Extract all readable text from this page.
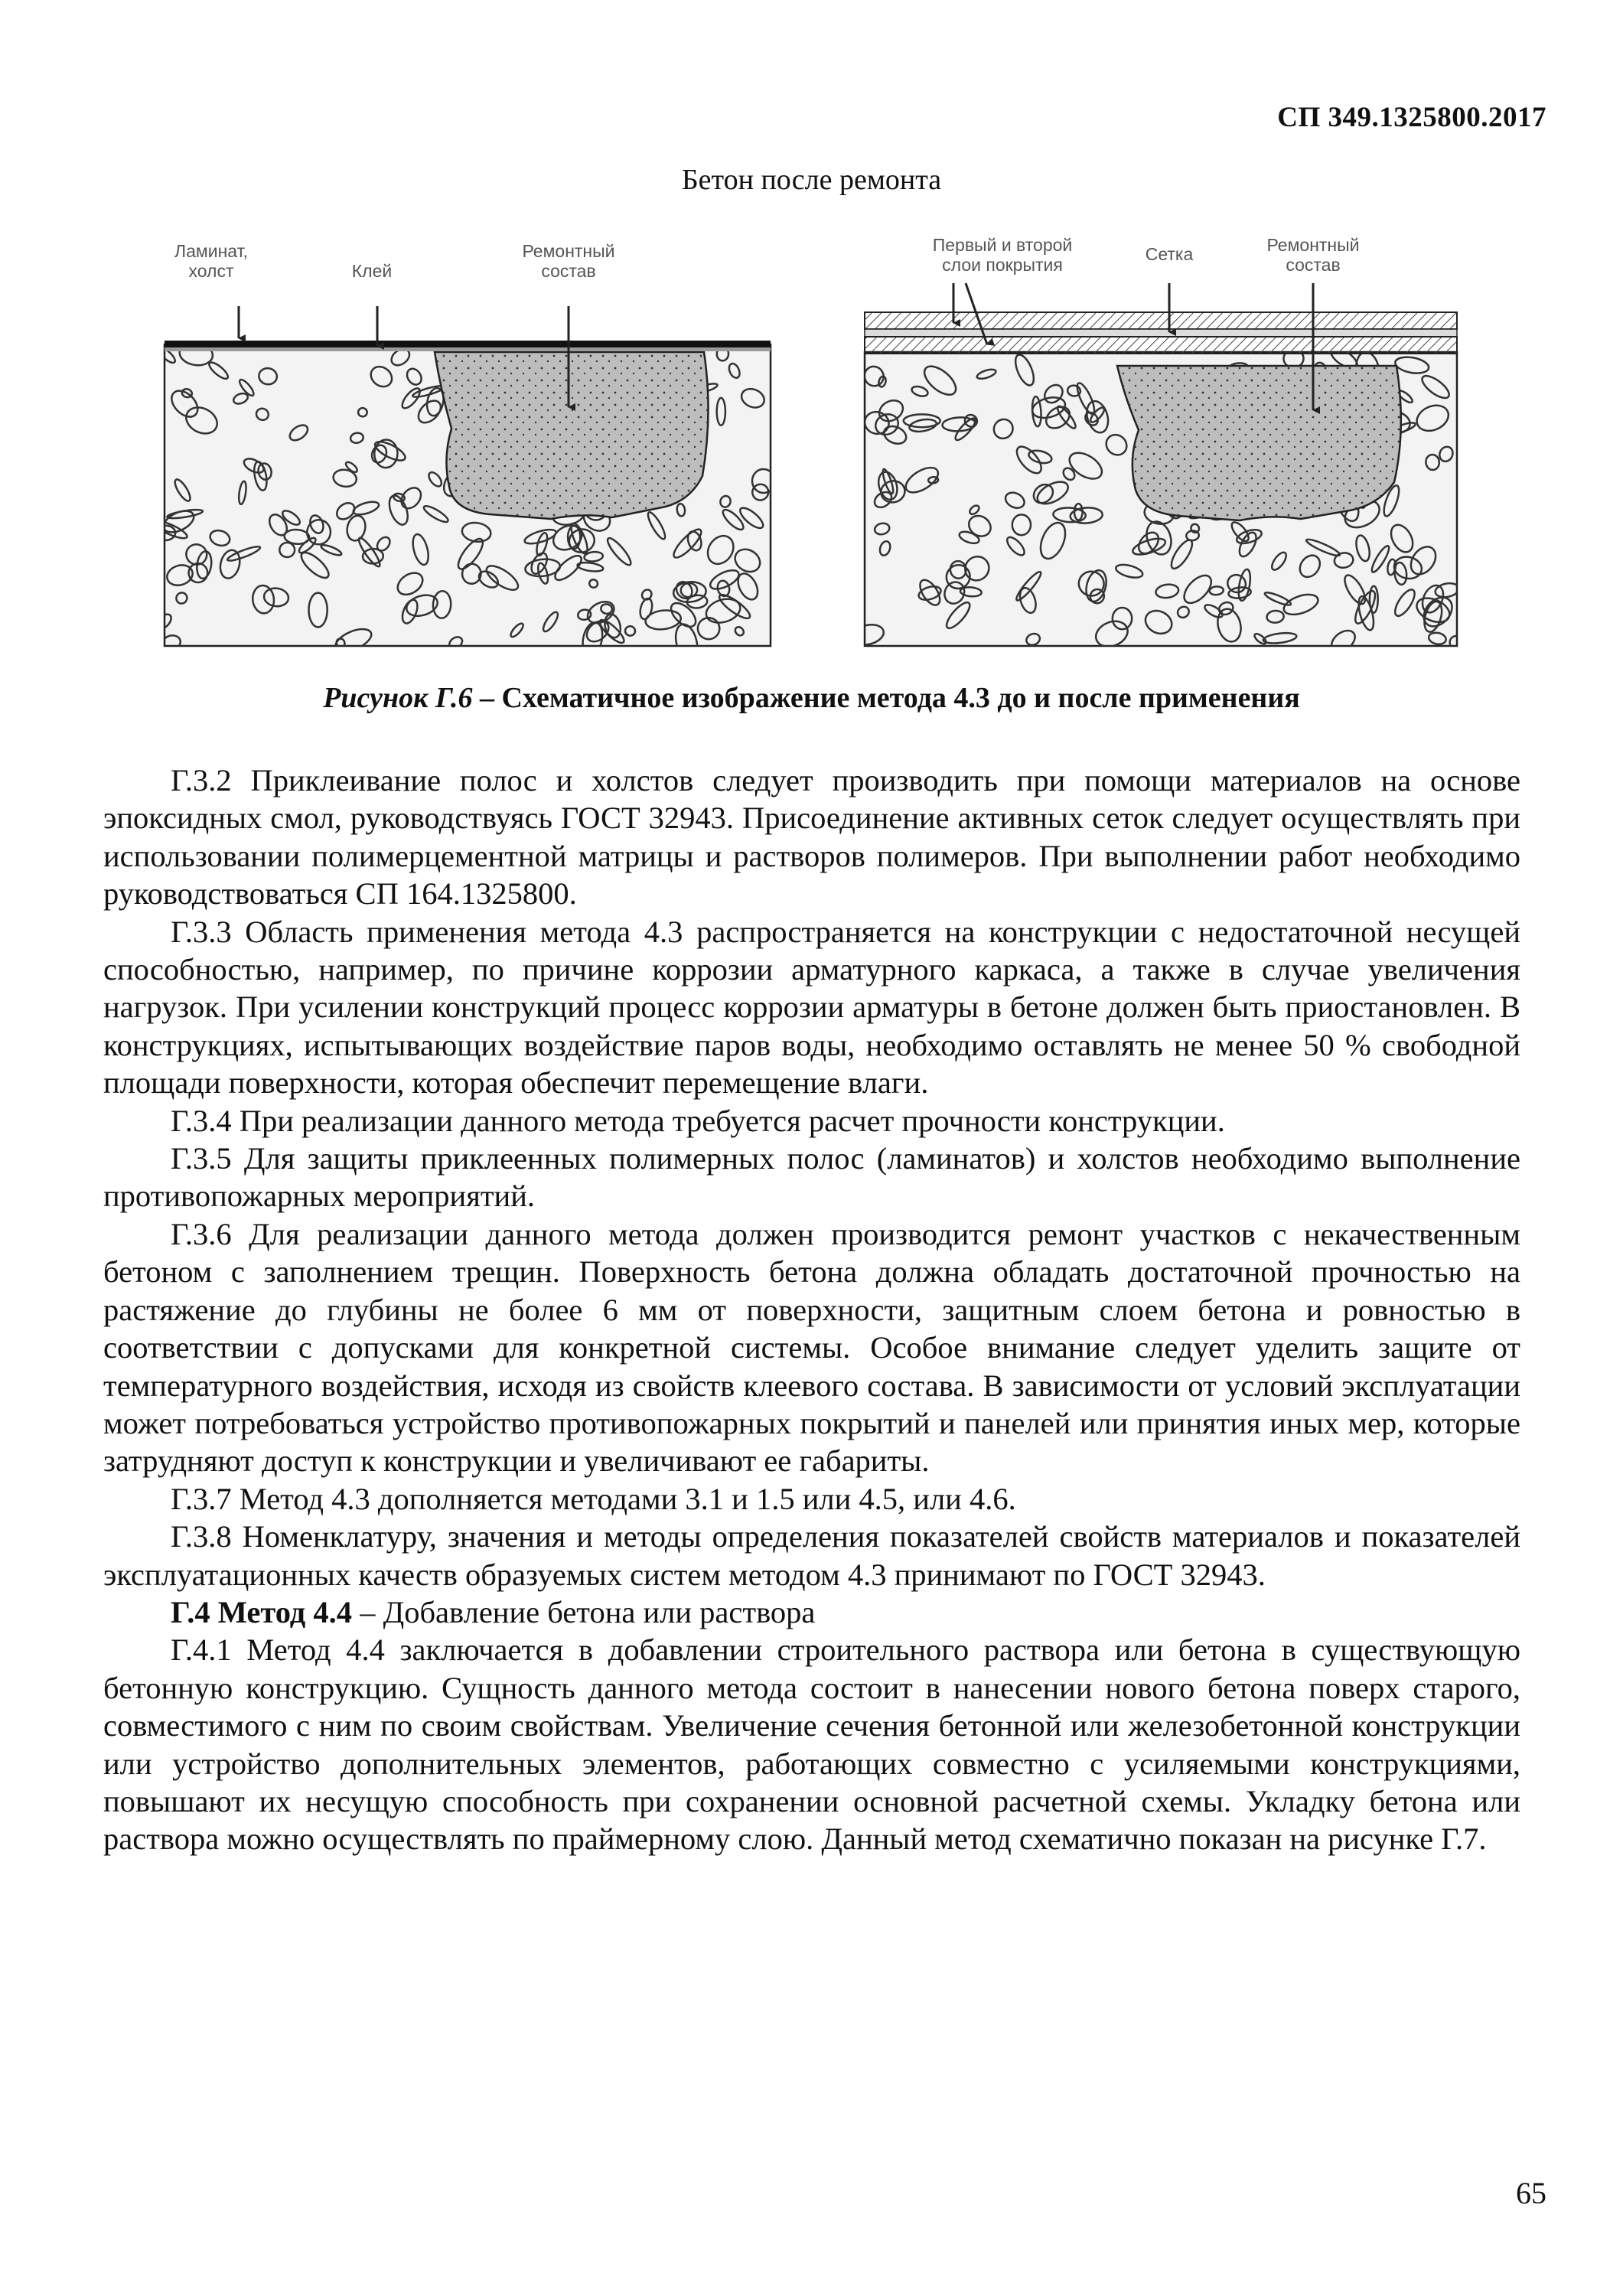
СП 349.1325800.2017
Бетон после ремонта
Ламинат,
холст	Клей
Ремонтный
состав
Первый и второй
слои покрытия
Сетка	Ремонтный
состав
Рисунок Г.6 – Схематичное изображение метода 4.3 до и после применения

Г.3.2 Приклеивание полос и холстов следует производить при помощи материалов на основе эпоксидных смол, руководствуясь ГОСТ 32943. Присоединение активных сеток следует осуществлять при использовании полимерцементной матрицы и растворов полимеров. При выполнении работ необходимо руководствоваться СП 164.1325800.

Г.3.3 Область применения метода 4.3 распространяется на конструкции с недостаточной несущей способностью, например, по причине коррозии арматурного каркаса, а также в случае увеличения нагрузок. При усилении конструкций процесс коррозии арматуры в бетоне должен быть приостановлен. В конструкциях, испытывающих воздействие паров воды, необходимо оставлять не менее 50 % свободной площади поверхности, которая обеспечит перемещение влаги.

Г.3.4 При реализации данного метода требуется расчет прочности конструкции.

Г.3.5 Для защиты приклеенных полимерных полос (ламинатов) и холстов необходимо выполнение противопожарных мероприятий.

Г.3.6 Для реализации данного метода должен производится ремонт участков с некачественным бетоном с заполнением трещин. Поверхность бетона должна обладать достаточной прочностью на растяжение до глубины не более 6 мм от поверхности, защитным слоем бетона и ровностью в соответствии с допусками для конкретной системы. Особое внимание следует уделить защите от температурного воздействия, исходя из свойств клеевого состава. В зависимости от условий эксплуатации может потребоваться устройство противопожарных покрытий и панелей или принятия иных мер, которые затрудняют доступ к конструкции и увеличивают ее габариты.

Г.3.7 Метод 4.3 дополняется методами 3.1 и 1.5 или 4.5, или 4.6.

Г.3.8 Номенклатуру, значения и методы определения показателей свойств материалов и показателей эксплуатационных качеств образуемых систем методом 4.3 принимают по ГОСТ 32943.

Г.4 Метод 4.4 – Добавление бетона или раствора

Г.4.1 Метод 4.4 заключается в добавлении строительного раствора или бетона в существующую бетонную конструкцию. Сущность данного метода состоит в нанесении нового бетона поверх старого, совместимого с ним по своим свойствам. Увеличение сечения бетонной или железобетонной конструкции или устройство дополнительных элементов, работающих совместно с усиляемыми конструкциями, повышают их несущую способность при сохранении основной расчетной схемы. Укладку бетона или раствора можно осуществлять по праймерному слою. Данный метод схематично показан на рисунке Г.7.

65
